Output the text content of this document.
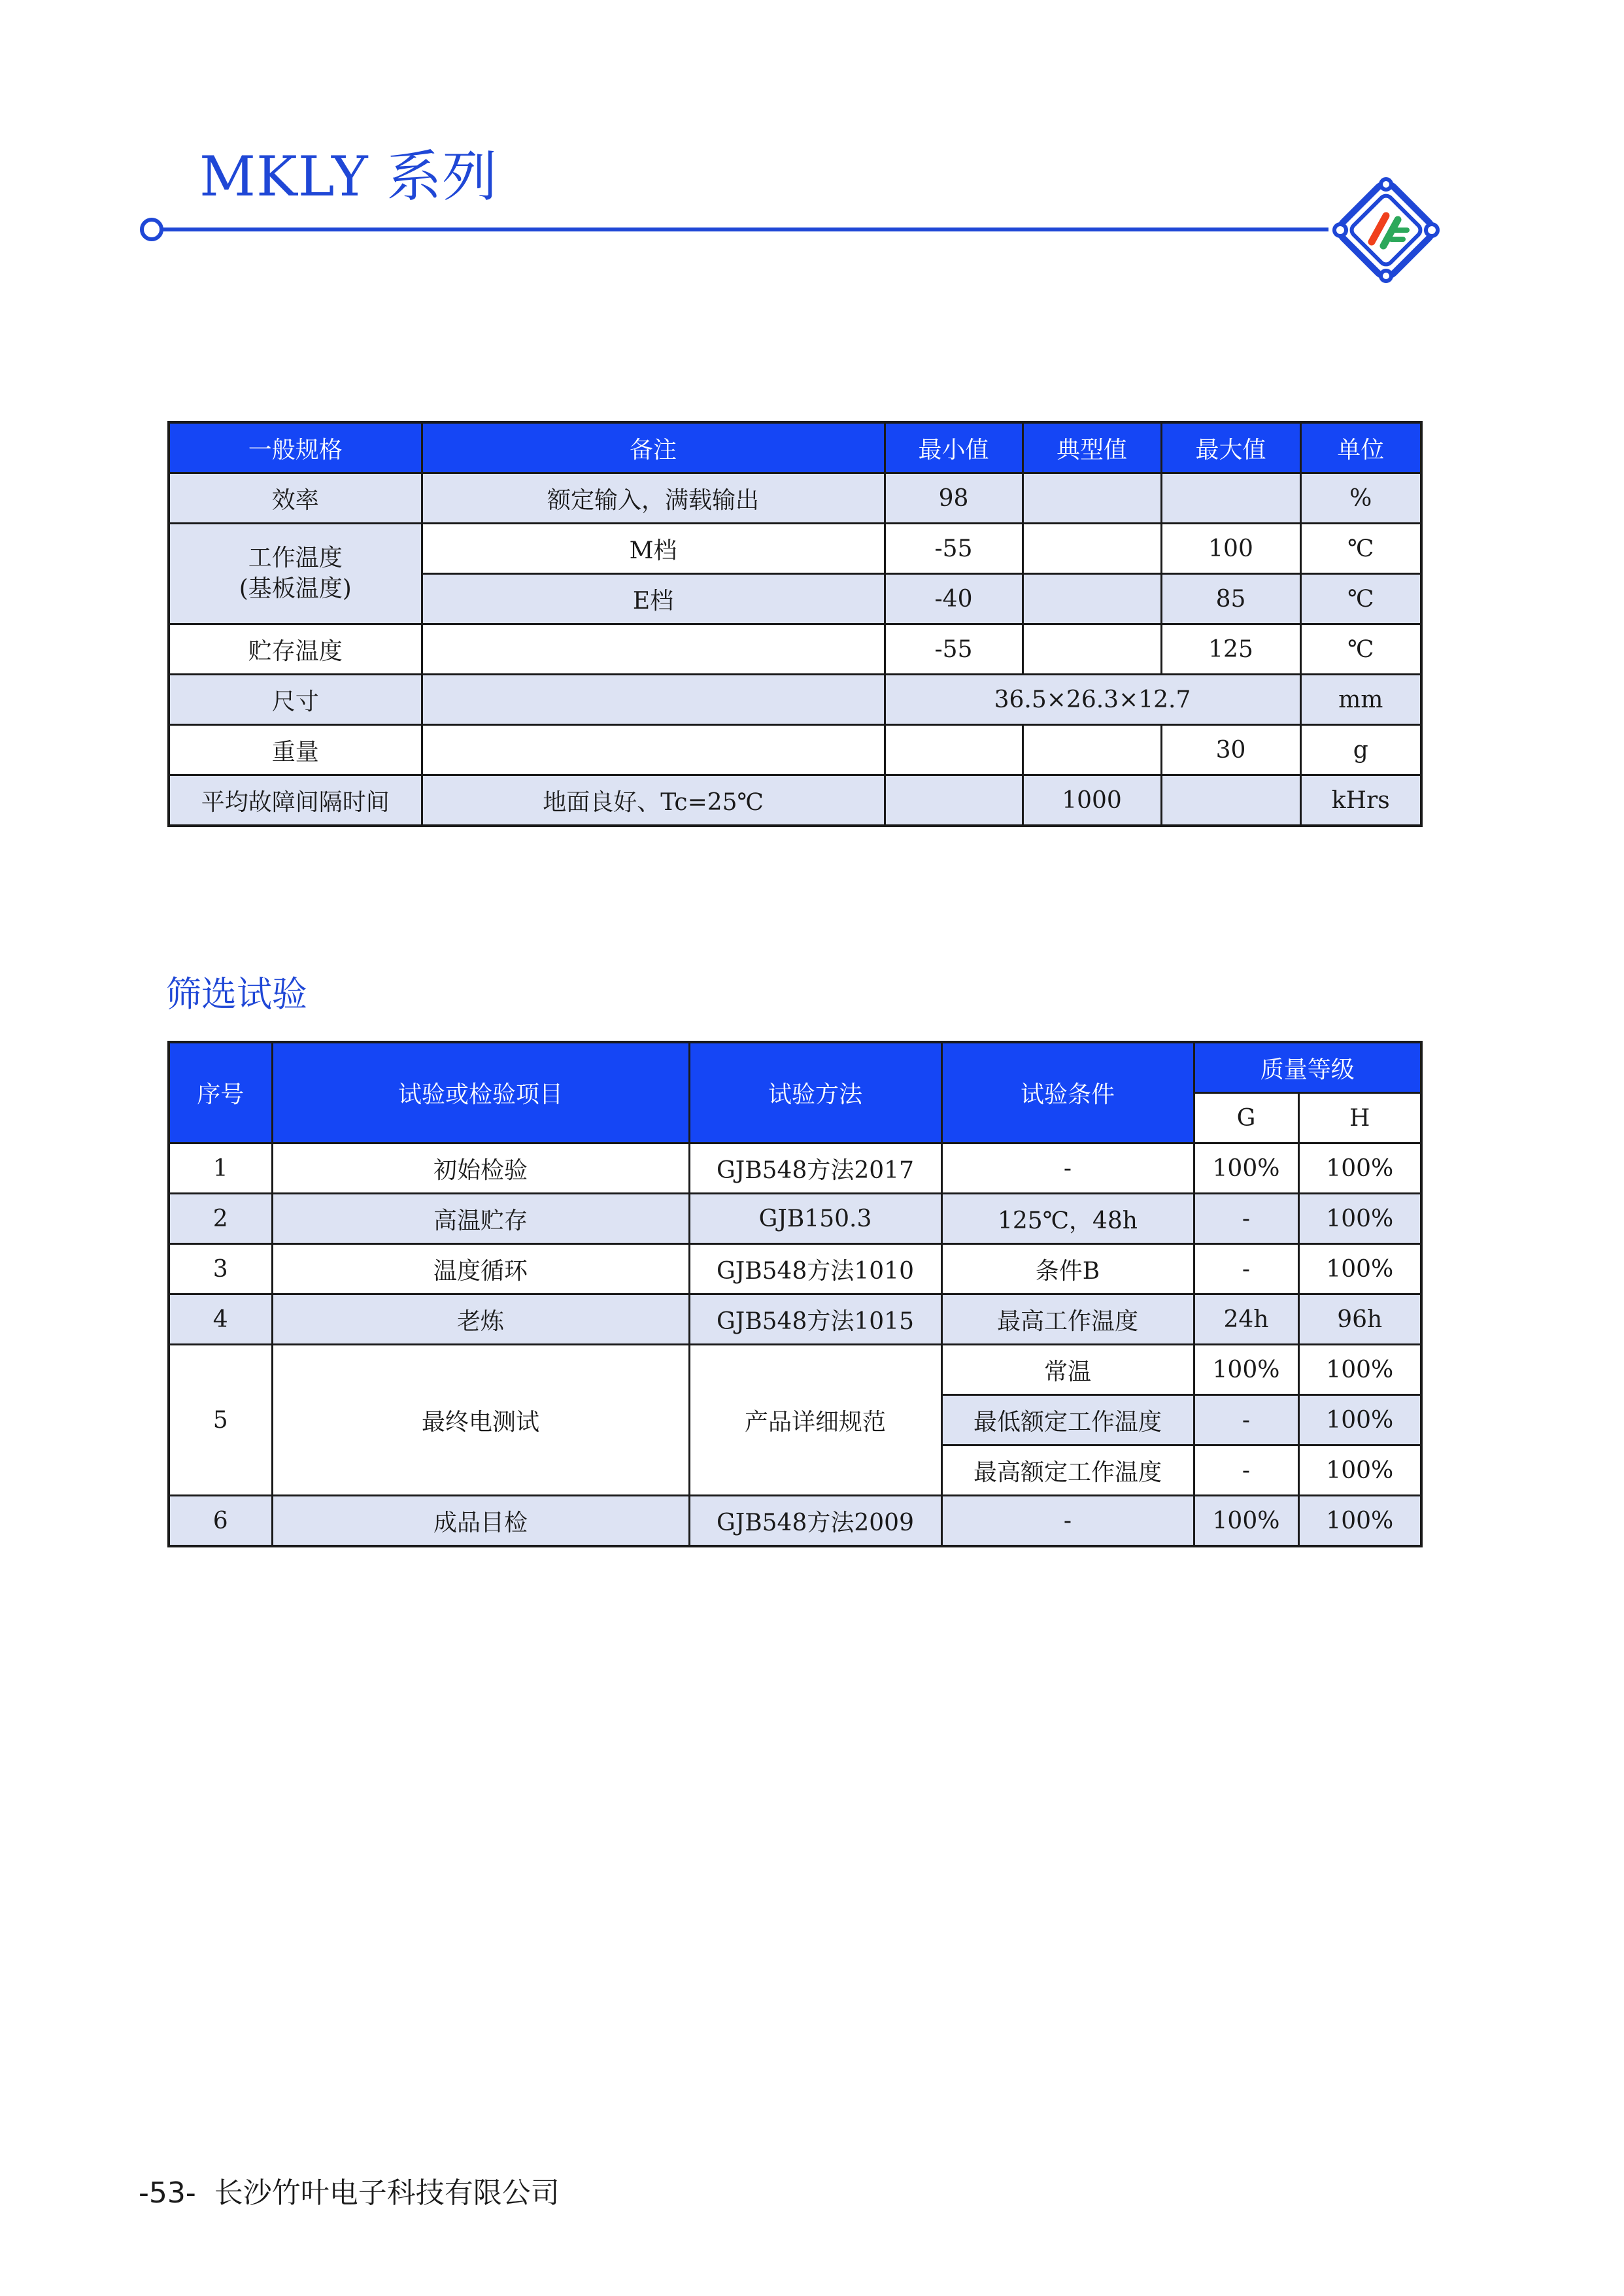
MKLY 系列
一般规格	备注	最小值	典型值	最大值	单位
效率	额定输入，满载输出	98			%
工作温度
(基板温度)	M档	-55		100	℃
	E档	-40		85	℃
贮存温度		-55		125	℃
尺寸		36.5×26.3×12.7			mm
重量				30	g
平均故障间隔时间	地面良好、Tc=25℃		1000		kHrs
筛选试验
序号	试验或检验项目	试验方法	试验条件	质量等级	
				G	H
1	初始检验	GJB548方法2017	-	100%	100%
2	高温贮存	GJB150.3	125℃，48h	-	100%
3	温度循环	GJB548方法1010	条件B	-	100%
4	老炼	GJB548方法1015	最高工作温度	24h	96h
5	最终电测试	产品详细规范	常温	100%	100%
			最低额定工作温度	-	100%
			最高额定工作温度	-	100%
6	成品目检	GJB548方法2009	-	100%	100%
-53- 长沙竹叶电子科技有限公司
